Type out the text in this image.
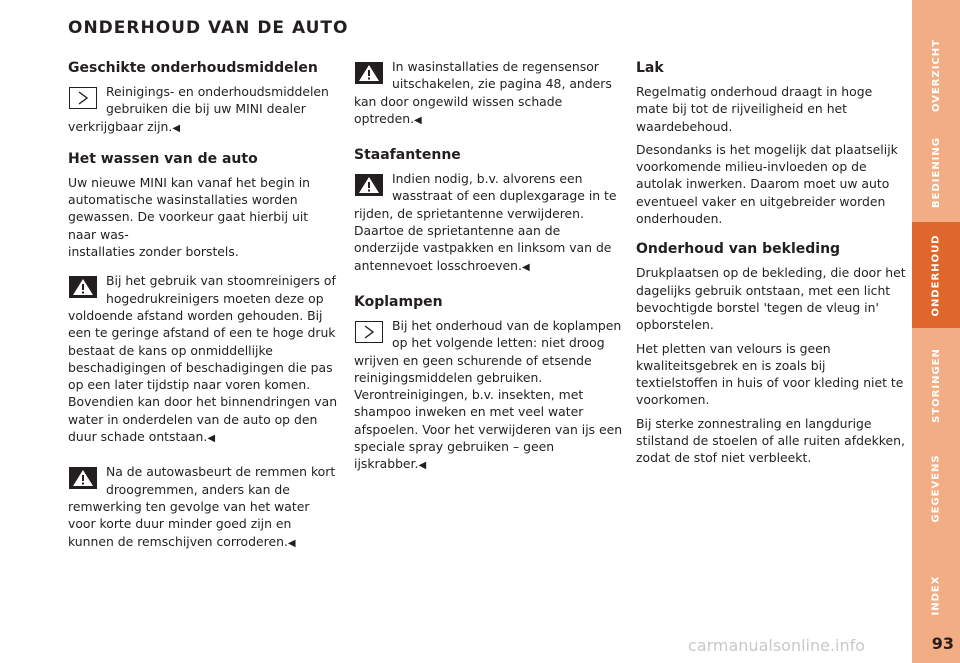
ONDERHOUD VAN DE AUTO
Geschikte onderhoudsmiddelen
Reinigings- en onderhoudsmiddelen gebruiken die bij uw MINI dealer verkrijgbaar zijn.◀
Het wassen van de auto

Uw nieuwe MINI kan vanaf het begin in automatische wasinstallaties worden gewassen. De voorkeur gaat hierbij uit naar was-

installaties zonder borstels.

Bij het gebruik van stoomreinigers of hogedrukreinigers moeten deze op voldoende afstand worden gehouden. Bij een te geringe afstand of een te hoge druk bestaat de kans op onmiddellijke beschadigingen of beschadigingen die pas op een later tijdstip naar voren komen. Bovendien kan door het binnendringen van water in onderdelen van de auto op den duur schade ontstaan.◀
Na de autowasbeurt de remmen kort droogremmen, anders kan de remwerking ten gevolge van het water voor korte duur minder goed zijn en kunnen de remschijven corroderen.◀
In wasinstallaties de regensensor uitschakelen, zie pagina 48, anders kan door ongewild wissen schade optreden.◀
Staafantenne
Indien nodig, b.v. alvorens een wasstraat of een duplexgarage in te rijden, de sprietantenne verwijderen. Daartoe de sprietantenne aan de onderzijde vastpakken en linksom van de antennevoet losschroeven.◀
Koplampen
Bij het onderhoud van de koplampen op het volgende letten: niet droog wrijven en geen schurende of etsende reinigingsmiddelen gebruiken. Verontreinigingen, b.v. insekten, met shampoo inweken en met veel water afspoelen. Voor het verwijderen van ijs een speciale spray gebruiken – geen ijskrabber.◀
Lak

Regelmatig onderhoud draagt in hoge mate bij tot de rijveiligheid en het waardebehoud.

Desondanks is het mogelijk dat plaatselijk voorkomende milieu-invloeden op de autolak inwerken. Daarom moet uw auto eventueel vaker en uitgebreider worden onderhouden.

Onderhoud van bekleding

Drukplaatsen op de bekleding, die door het dagelijks gebruik ontstaan, met een licht bevochtigde borstel 'tegen de vleug in' opborstelen.

Het pletten van velours is geen kwaliteitsgebrek en is zoals bij textielstoffen in huis of voor kleding niet te voorkomen.

Bij sterke zonnestraling en langdurige stilstand de stoelen of alle ruiten afdekken, zodat de stof niet verbleekt.

OVERZICHT
BEDIENING
ONDERHOUD
STORINGEN
GEGEVENS
INDEX
carmanualsonline.info	93
